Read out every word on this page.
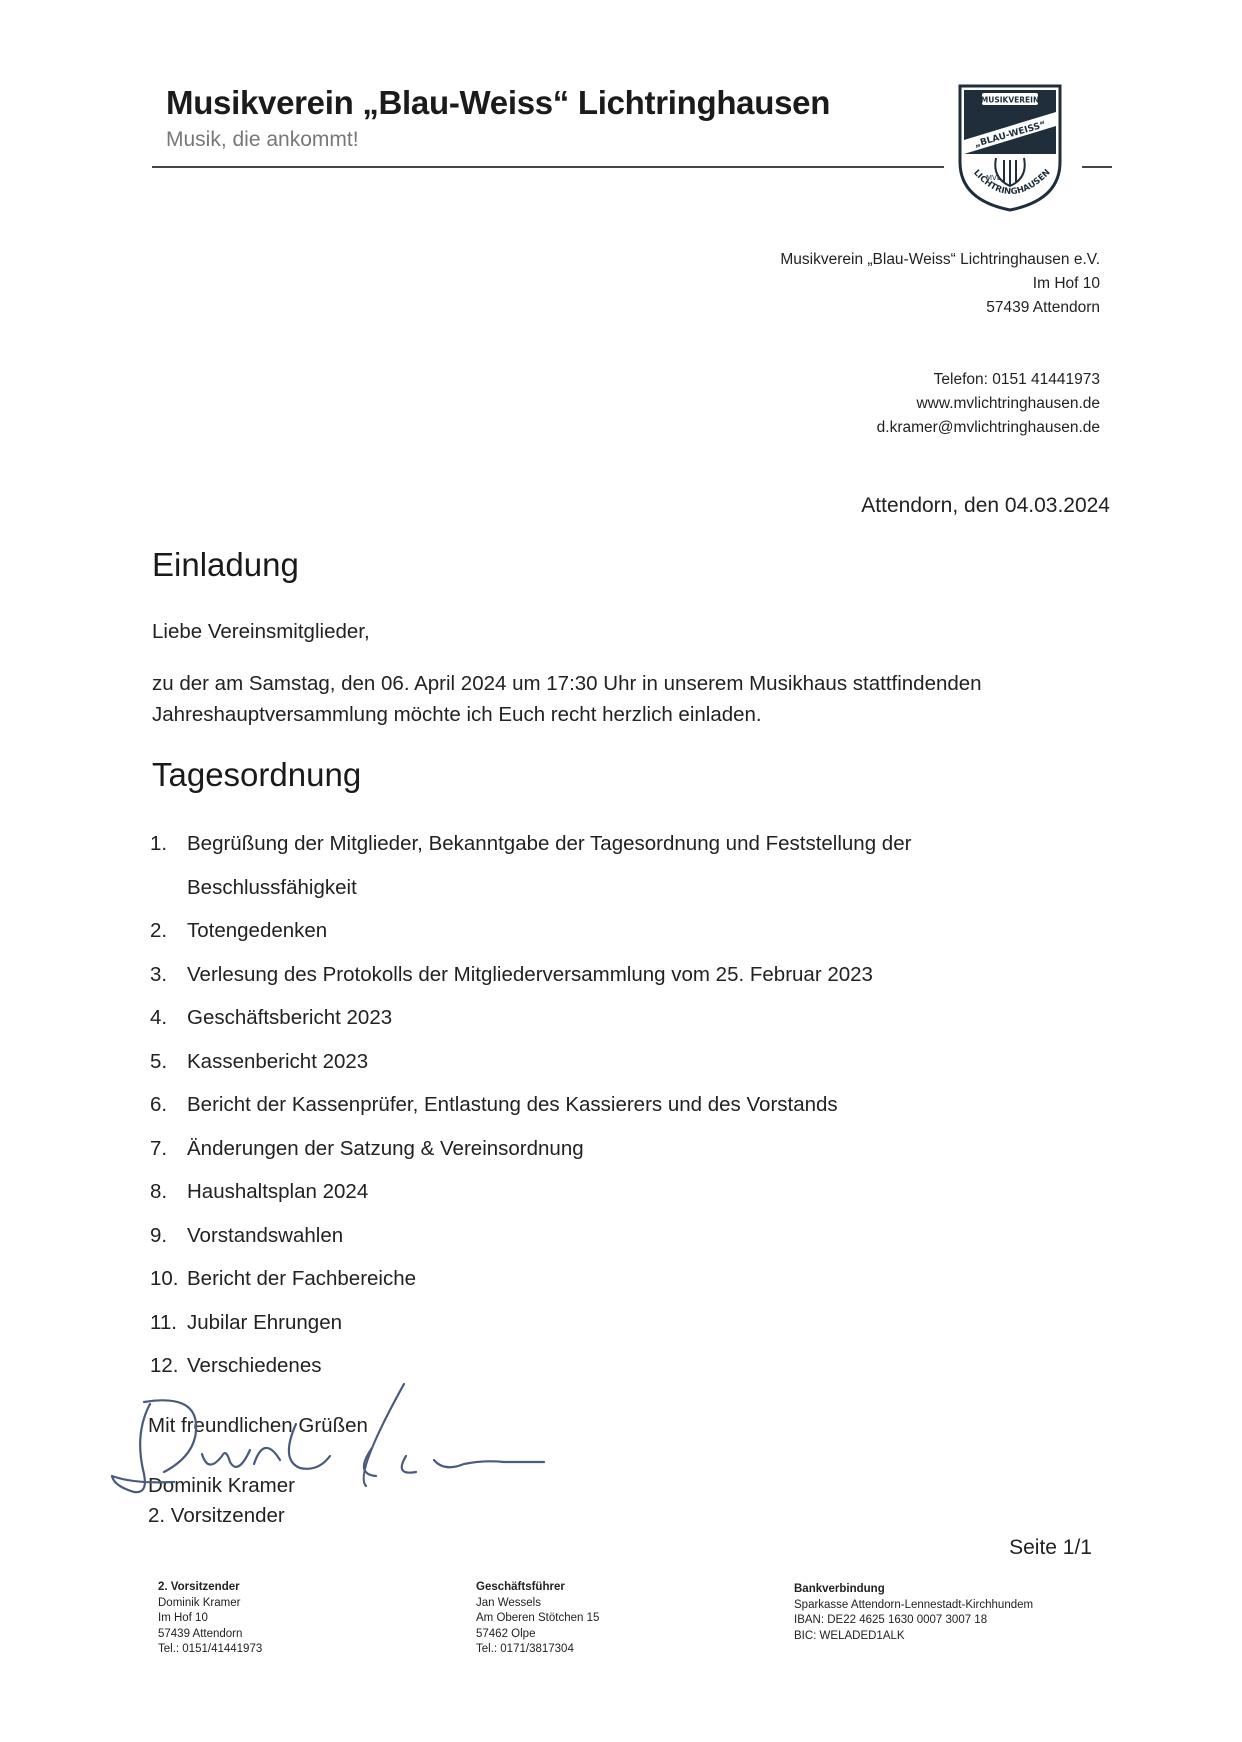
Musikverein „Blau-Weiss“ Lichtringhausen
Musik, die ankommt!
MUSIKVEREIN
„BLAU-WEISS“
MVL
LICHTRINGHAUSEN
Musikverein „Blau-Weiss“ Lichtringhausen e.V.
Im Hof 10
57439 Attendorn
Telefon: 0151 41441973
www.mvlichtringhausen.de
d.kramer@mvlichtringhausen.de
Attendorn, den 04.03.2024
Einladung
Liebe Vereinsmitglieder,
zu der am Samstag, den 06. April 2024 um 17:30 Uhr in unserem Musikhaus stattfindenden
Jahreshauptversammlung möchte ich Euch recht herzlich einladen.
Tagesordnung
1. Begrüßung der Mitglieder, Bekanntgabe der Tagesordnung und Feststellung der
Beschlussfähigkeit
2. Totengedenken
3. Verlesung des Protokolls der Mitgliederversammlung vom 25. Februar 2023
4. Geschäftsbericht 2023
5. Kassenbericht 2023
6. Bericht der Kassenprüfer, Entlastung des Kassierers und des Vorstands
7. Änderungen der Satzung & Vereinsordnung
8. Haushaltsplan 2024
9. Vorstandswahlen
10. Bericht der Fachbereiche
11. Jubilar Ehrungen
12. Verschiedenes
Mit freundlichen Grüßen
Dominik Kramer
2. Vorsitzender
Seite 1/1
2. Vorsitzender
Dominik Kramer
Im Hof 10
57439 Attendorn
Tel.: 0151/41441973
Geschäftsführer
Jan Wessels
Am Oberen Stötchen 15
57462 Olpe
Tel.: 0171/3817304
Bankverbindung
Sparkasse Attendorn-Lennestadt-Kirchhundem
IBAN: DE22 4625 1630 0007 3007 18
BIC: WELADED1ALK
